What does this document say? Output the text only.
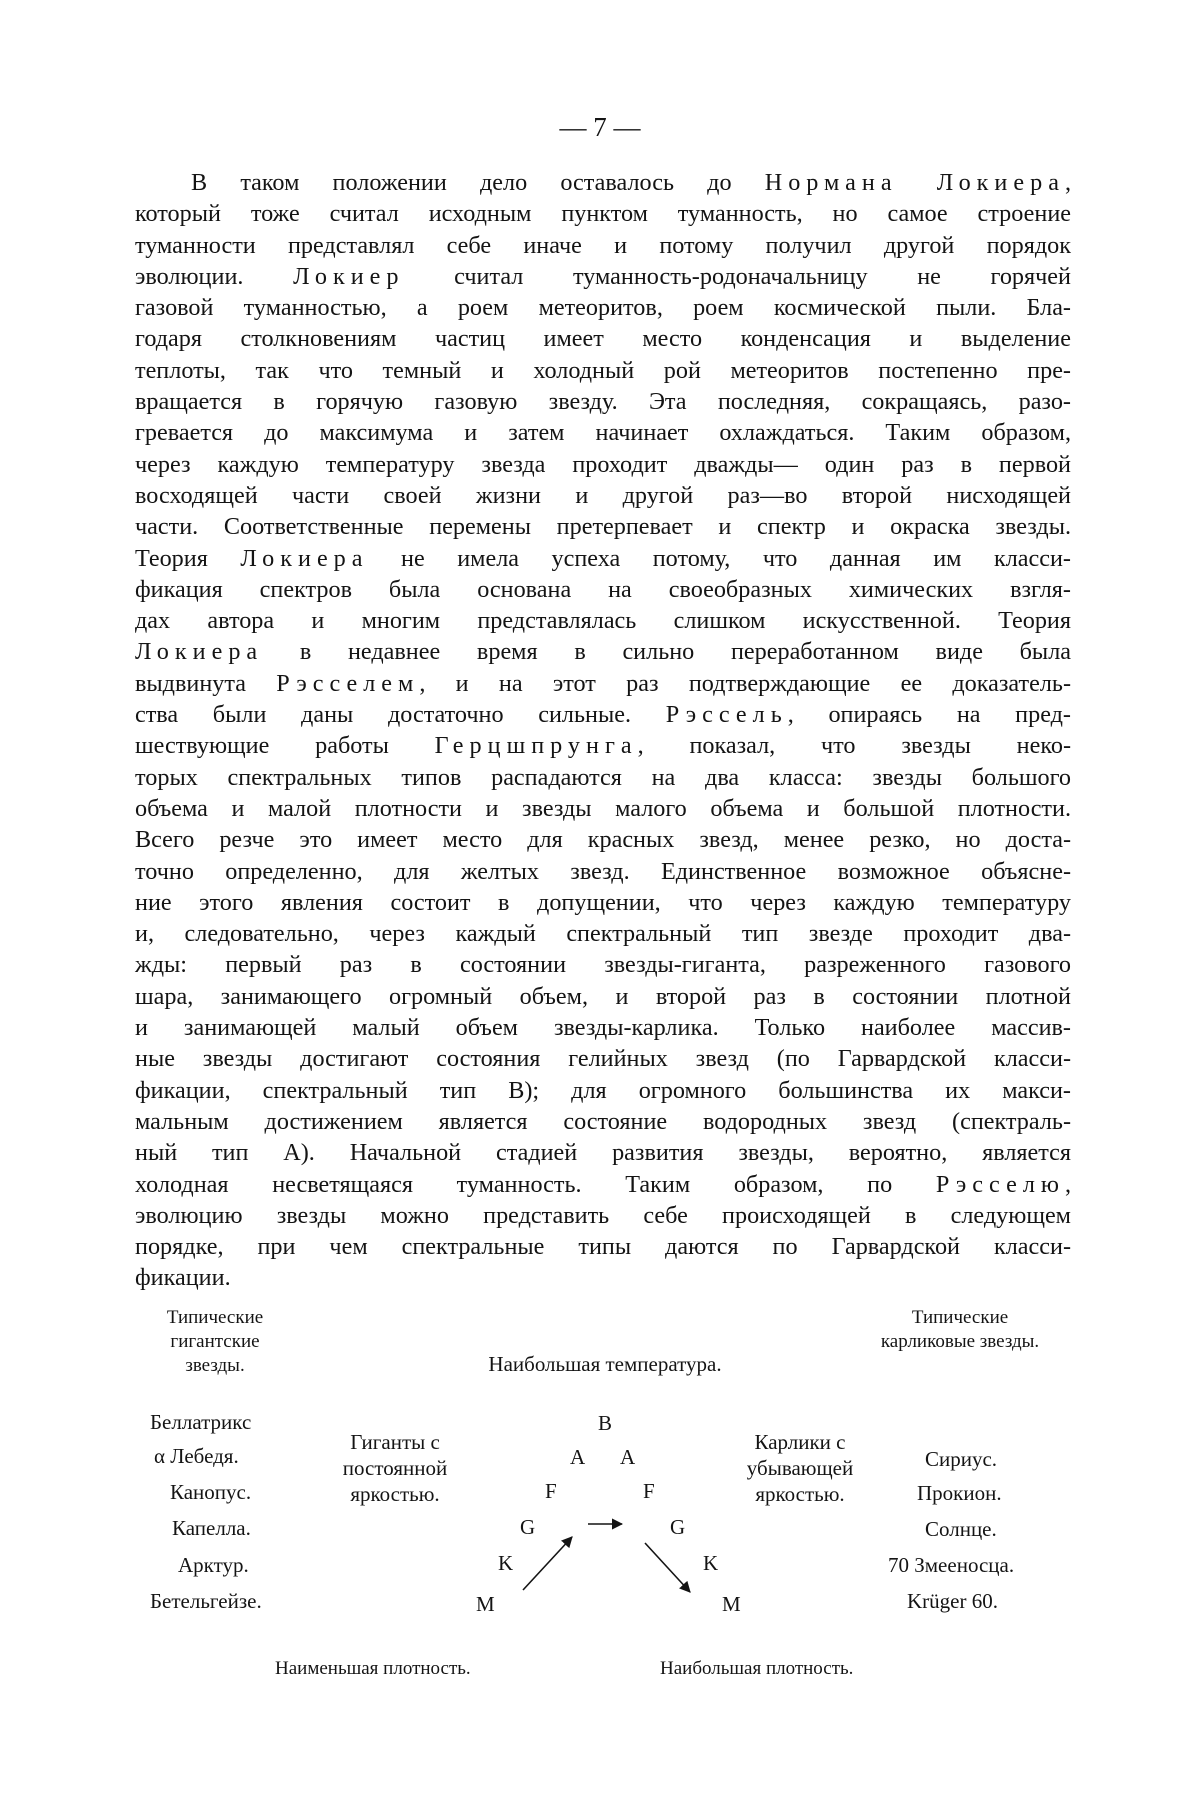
— 7 —
В таком положении дело оставалось до Нормана Локиера,
который тоже считал исходным пунктом туманность, но самое строение
туманности представлял себе иначе и потому получил другой порядок
эволюции. Локиер считал туманность-родоначальницу не горячей
газовой туманностью, а роем метеоритов, роем космической пыли. Бла-
годаря столкновениям частиц имеет место конденсация и выделение
теплоты, так что темный и холодный рой метеоритов постепенно пре-
вращается в горячую газовую звезду. Эта последняя, сокращаясь, разо-
гревается до максимума и затем начинает охлаждаться. Таким образом,
через каждую температуру звезда проходит дважды— один раз в первой
восходящей части своей жизни и другой раз—во второй нисходящей
части. Соответственные перемены претерпевает и спектр и окраска звезды.
Теория Локиера не имела успеха потому, что данная им класси-
фикация спектров была основана на своеобразных химических взгля-
дах автора и многим представлялась слишком искусственной. Теория
Локиера в недавнее время в сильно переработанном виде была
выдвинута Рэсселем, и на этот раз подтверждающие ее доказатель-
ства были даны достаточно сильные. Рэссель, опираясь на пред-
шествующие работы Герцшпрунга, показал, что звезды неко-
торых спектральных типов распадаются на два класса: звезды большого
объема и малой плотности и звезды малого объема и большой плотности.
Всего резче это имеет место для красных звезд, менее резко, но доста-
точно определенно, для желтых звезд. Единственное возможное объясне-
ние этого явления состоит в допущении, что через каждую температуру
и, следовательно, через каждый спектральный тип звезде проходит два-
жды: первый раз в состоянии звезды-гиганта, разреженного газового
шара, занимающего огромный объем, и второй раз в состоянии плотной
и занимающей малый объем звезды-карлика. Только наиболее массив-
ные звезды достигают состояния гелийных звезд (по Гарвардской класси-
фикации, спектральный тип B); для огромного большинства их макси-
мальным достижением является состояние водородных звезд (спектраль-
ный тип A). Начальной стадией развития звезды, вероятно, является
холодная несветящаяся туманность. Таким образом, по Рэсселю,
эволюцию звезды можно представить себе происходящей в следующем
порядке, при чем спектральные типы даются по Гарвардской класси-
фикации.
Типические гигантские звезды.	Наибольшая температура.
Типические карликовые звезды.
Беллатрикс
α Лебедя.
Канопус.
Капелла.
Арктур.
Бетельгейзе.
Гиганты с постоянной яркостью.
Карлики с убывающей яркостью.
B
A
F
G
K
M
A
F
G
K
M
Сириус.
Прокион.
Солнце.
70 Змееносца.
Krüger 60.
Наименьшая плотность.	Наибольшая плотность.
